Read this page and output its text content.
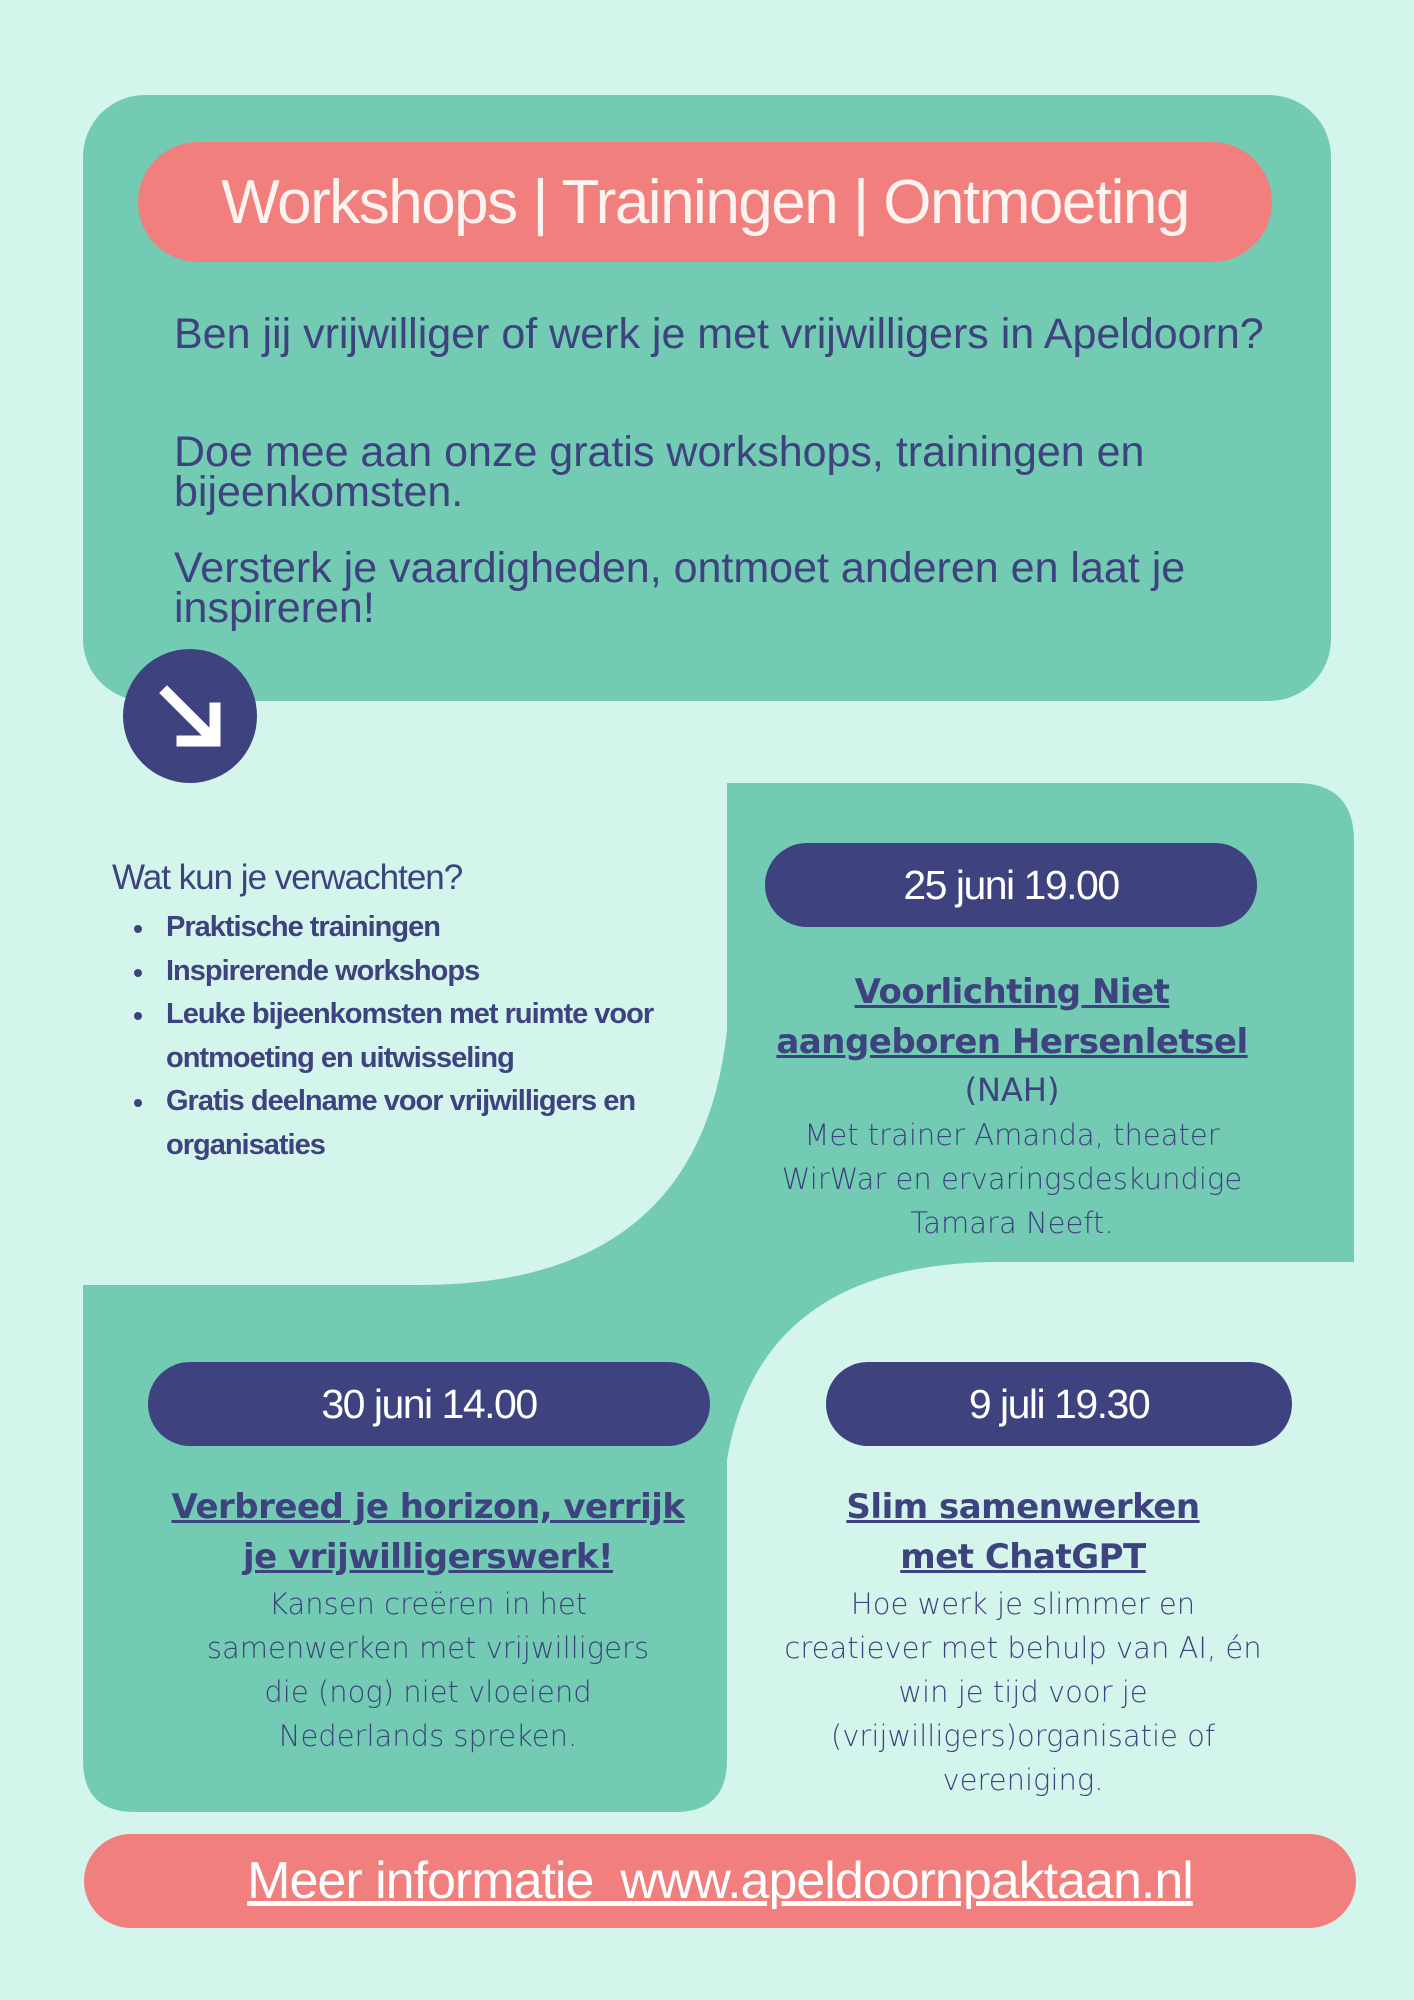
Workshops | Trainingen | Ontmoeting

Ben jij vrijwilliger of werk je met vrijwilligers in Apeldoorn?

Doe mee aan onze gratis workshops, trainingen en bijeenkomsten.

Versterk je vaardigheden, ontmoet anderen en laat je inspireren!

Wat kun je verwachten?
Praktische trainingen
Inspirerende workshops
Leuke bijeenkomsten met ruimte voor ontmoeting en uitwisseling
Gratis deelname voor vrijwilligers en organisaties
25 juni 19.00
Voorlichting Niet aangeboren Hersenletsel
(NAH)
Met trainer Amanda, theater WirWar en ervaringsdeskundige Tamara Neeft.
30 juni 14.00
Verbreed je horizon, verrijk je vrijwilligerswerk!
Kansen creëren in het samenwerken met vrijwilligers die (nog) niet vloeiend Nederlands spreken.
9 juli 19.30
Slim samenwerken met ChatGPT
Hoe werk je slimmer en creatiever met behulp van AI, én win je tijd voor je (vrijwilligers)organisatie of vereniging.
Meer informatie  www.apeldoornpaktaan.nl
